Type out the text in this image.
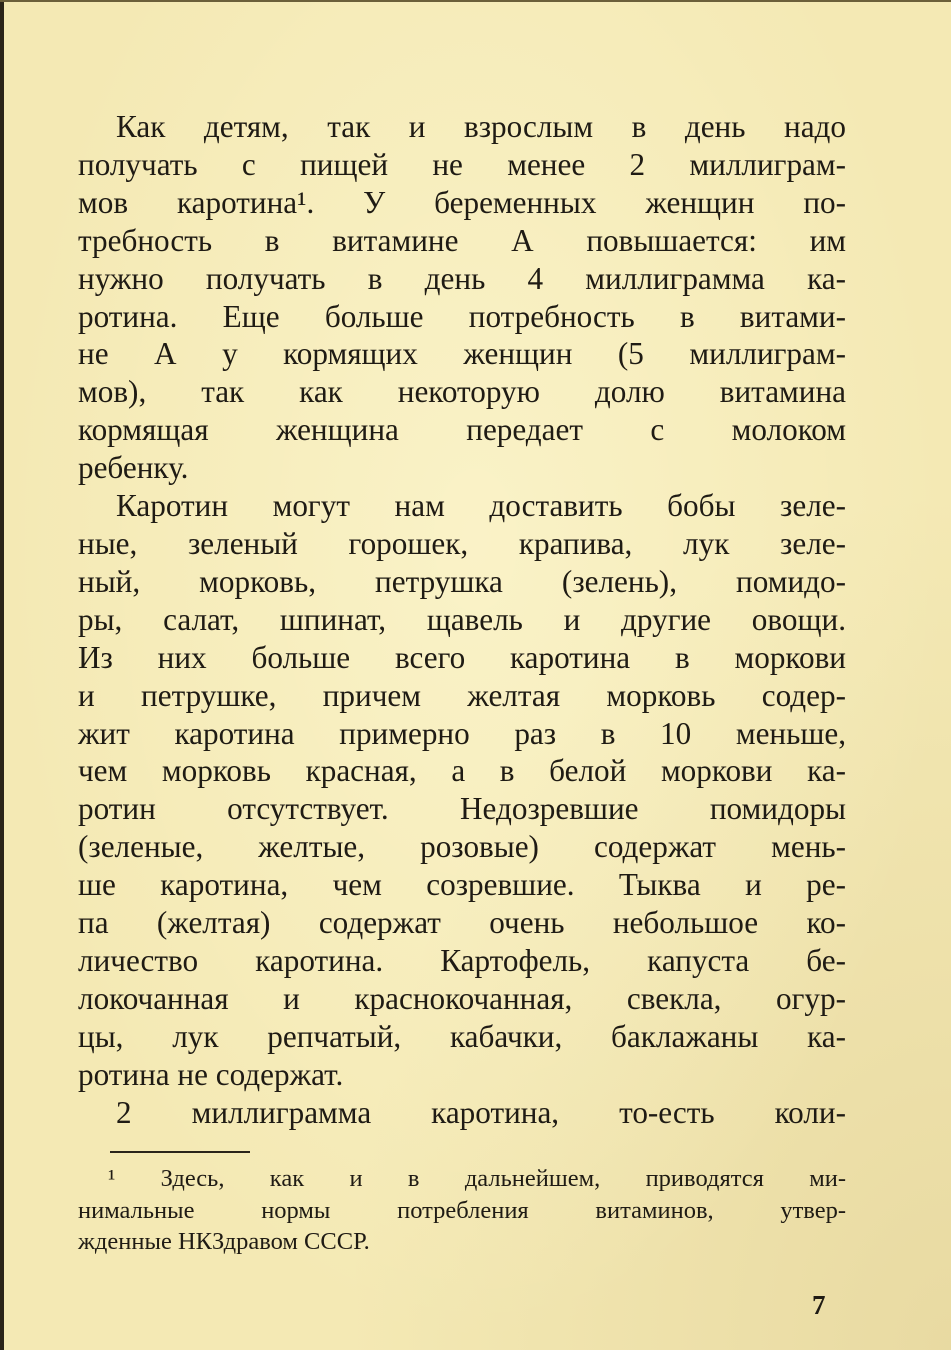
Как детям, так и взрослым в день надо
получать с пищей не менее 2 миллиграм-
мов каротина¹. У беременных женщин по-
требность в витамине А повышается: им
нужно получать в день 4 миллиграмма ка-
ротина. Еще больше потребность в витами-
не А у кормящих женщин (5 миллиграм-
мов), так как некоторую долю витамина
кормящая женщина передает с молоком
ребенку.

Каротин могут нам доставить бобы зеле-
ные, зеленый горошек, крапива, лук зеле-
ный, морковь, петрушка (зелень), помидо-
ры, салат, шпинат, щавель и другие овощи.
Из них больше всего каротина в моркови
и петрушке, причем желтая морковь содер-
жит каротина примерно раз в 10 меньше,
чем морковь красная, а в белой моркови ка-
ротин отсутствует. Недозревшие помидоры
(зеленые, желтые, розовые) содержат мень-
ше каротина, чем созревшие. Тыква и ре-
па (желтая) содержат очень небольшое ко-
личество каротина. Картофель, капуста бе-
локочанная и краснокочанная, свекла, огур-
цы, лук репчатый, кабачки, баклажаны ка-
ротина не содержат.

2 миллиграмма каротина, то-есть коли-

¹ Здесь, как и в дальнейшем, приводятся ми-
нимальные нормы потребления витаминов, утвер-
жденные НКЗдравом СССР.
7
